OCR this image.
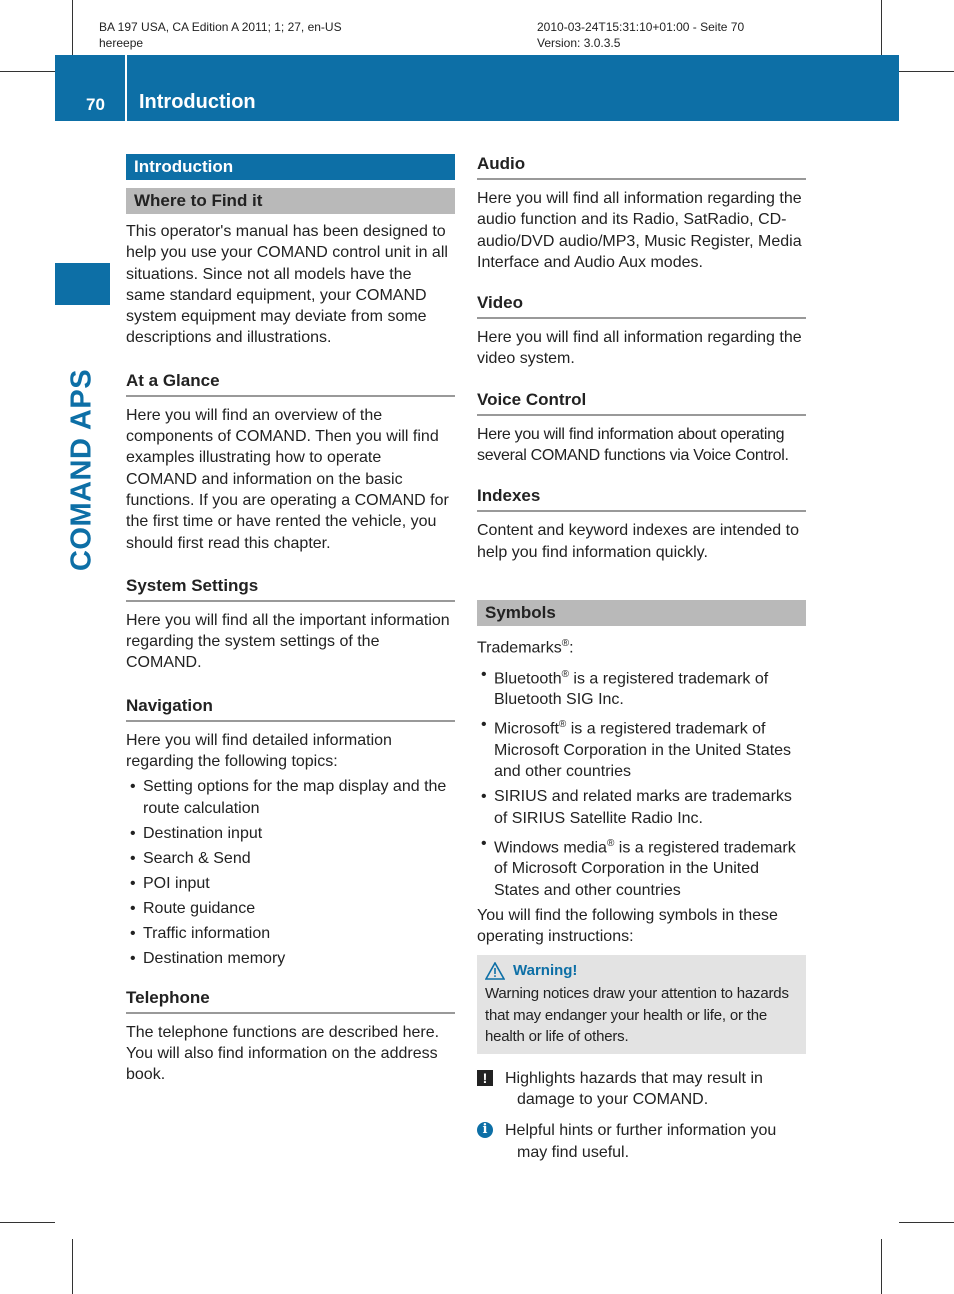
BA 197 USA, CA Edition A 2011; 1; 27, en-US
hereepe
2010-03-24T15:31:10+01:00 - Seite 70
Version: 3.0.3.5
70 Introduction
COMAND APS
Introduction
Where to Find it
This operator's manual has been designed to help you use your COMAND control unit in all situations. Since not all models have the same standard equipment, your COMAND system equipment may deviate from some descriptions and illustrations.
At a Glance
Here you will find an overview of the components of COMAND. Then you will find examples illustrating how to operate COMAND and information on the basic functions. If you are operating a COMAND for the first time or have rented the vehicle, you should first read this chapter.
System Settings
Here you will find all the important information regarding the system settings of the COMAND.
Navigation
Here you will find detailed information regarding the following topics:
• Setting options for the map display and the route calculation
• Destination input
• Search & Send
• POI input
• Route guidance
• Traffic information
• Destination memory
Telephone
The telephone functions are described here. You will also find information on the address book.
Audio
Here you will find all information regarding the audio function and its Radio, SatRadio, CD-audio/DVD audio/MP3, Music Register, Media Interface and Audio Aux modes.
Video
Here you will find all information regarding the video system.
Voice Control
Here you will find information about operating several COMAND functions via Voice Control.
Indexes
Content and keyword indexes are intended to help you find information quickly.
Symbols
Trademarks®:
• Bluetooth® is a registered trademark of Bluetooth SIG Inc.
• Microsoft® is a registered trademark of Microsoft Corporation in the United States and other countries
• SIRIUS and related marks are trademarks of SIRIUS Satellite Radio Inc.
• Windows media® is a registered trademark of Microsoft Corporation in the United States and other countries
You will find the following symbols in these operating instructions:
Warning!
Warning notices draw your attention to hazards that may endanger your health or life, or the health or life of others.
!	Highlights hazards that may result in damage to your COMAND.
i	Helpful hints or further information you may find useful.
